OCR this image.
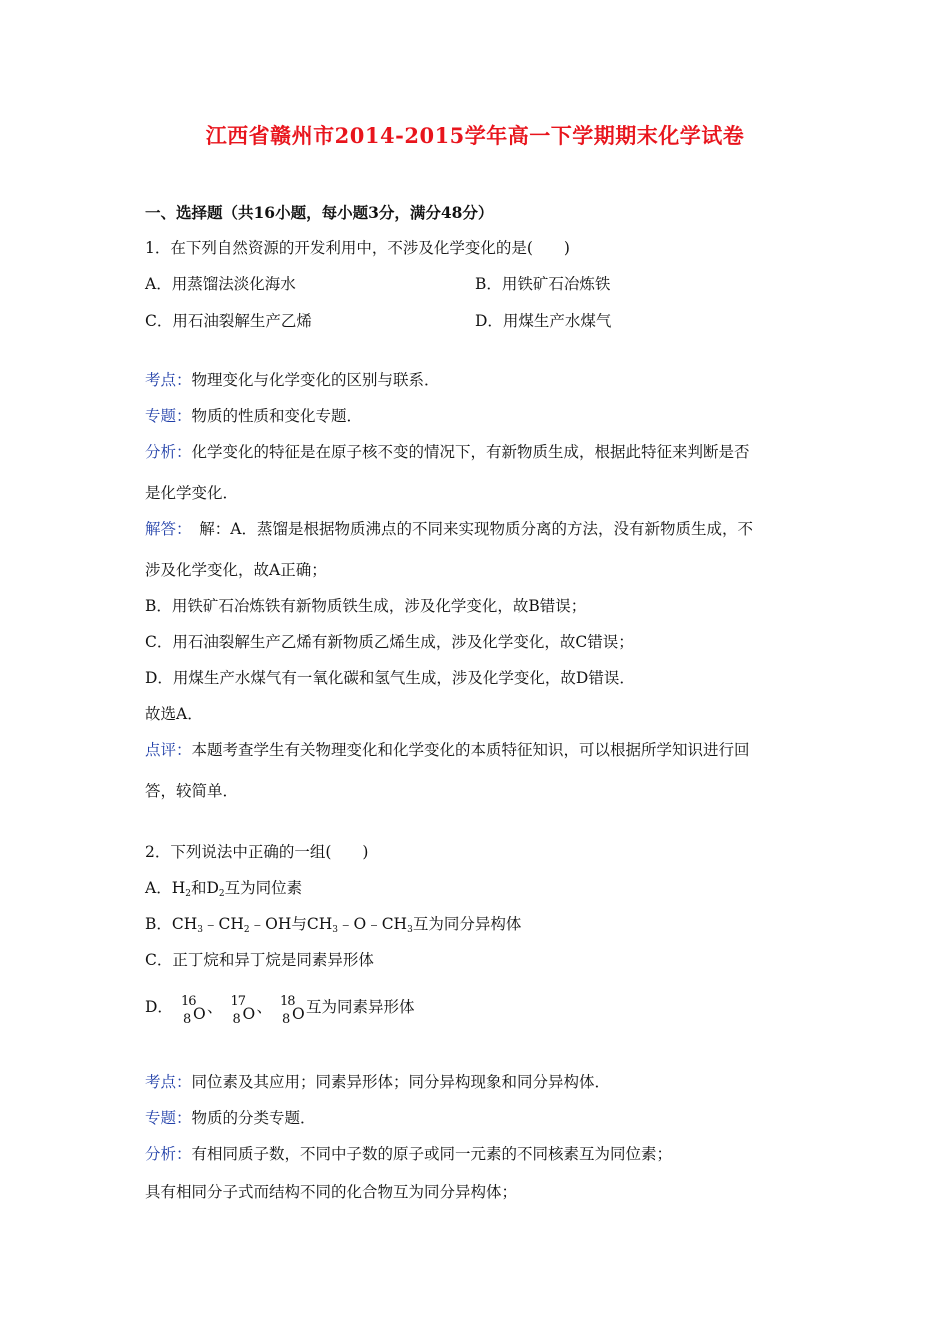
江西省赣州市2014-2015学年高一下学期期末化学试卷
一、选择题（共16小题，每小题3分，满分48分）
1．在下列自然资源的开发利用中，不涉及化学变化的是(　　)
A．用蒸馏法淡化海水	B．用铁矿石冶炼铁
C．用石油裂解生产乙烯	D．用煤生产水煤气
考点：物理变化与化学变化的区别与联系．
专题：物质的性质和变化专题．
分析：化学变化的特征是在原子核不变的情况下，有新物质生成，根据此特征来判断是否
是化学变化．
解答：　解：A．蒸馏是根据物质沸点的不同来实现物质分离的方法，没有新物质生成，不
涉及化学变化，故A正确；
B．用铁矿石冶炼铁有新物质铁生成，涉及化学变化，故B错误；
C．用石油裂解生产乙烯有新物质乙烯生成，涉及化学变化，故C错误；
D．用煤生产水煤气有一氧化碳和氢气生成，涉及化学变化，故D错误．
故选A．
点评：本题考查学生有关物理变化和化学变化的本质特征知识，可以根据所学知识进行回
答，较简单．
2．下列说法中正确的一组(　　)
A．$H_2$和$D_2$互为同位素
B．$CH_3﹣CH_2﹣OH$与$CH_3﹣O﹣CH_3$互为同分异构体
C．正丁烷和异丁烷是同素异形体
D． 16
8 O 、 17
8 O 、 18
8 O 互为同素异形体
考点：同位素及其应用；同素异形体；同分异构现象和同分异构体．
专题：物质的分类专题．
分析：有相同质子数，不同中子数的原子或同一元素的不同核素互为同位素；
具有相同分子式而结构不同的化合物互为同分异构体；
